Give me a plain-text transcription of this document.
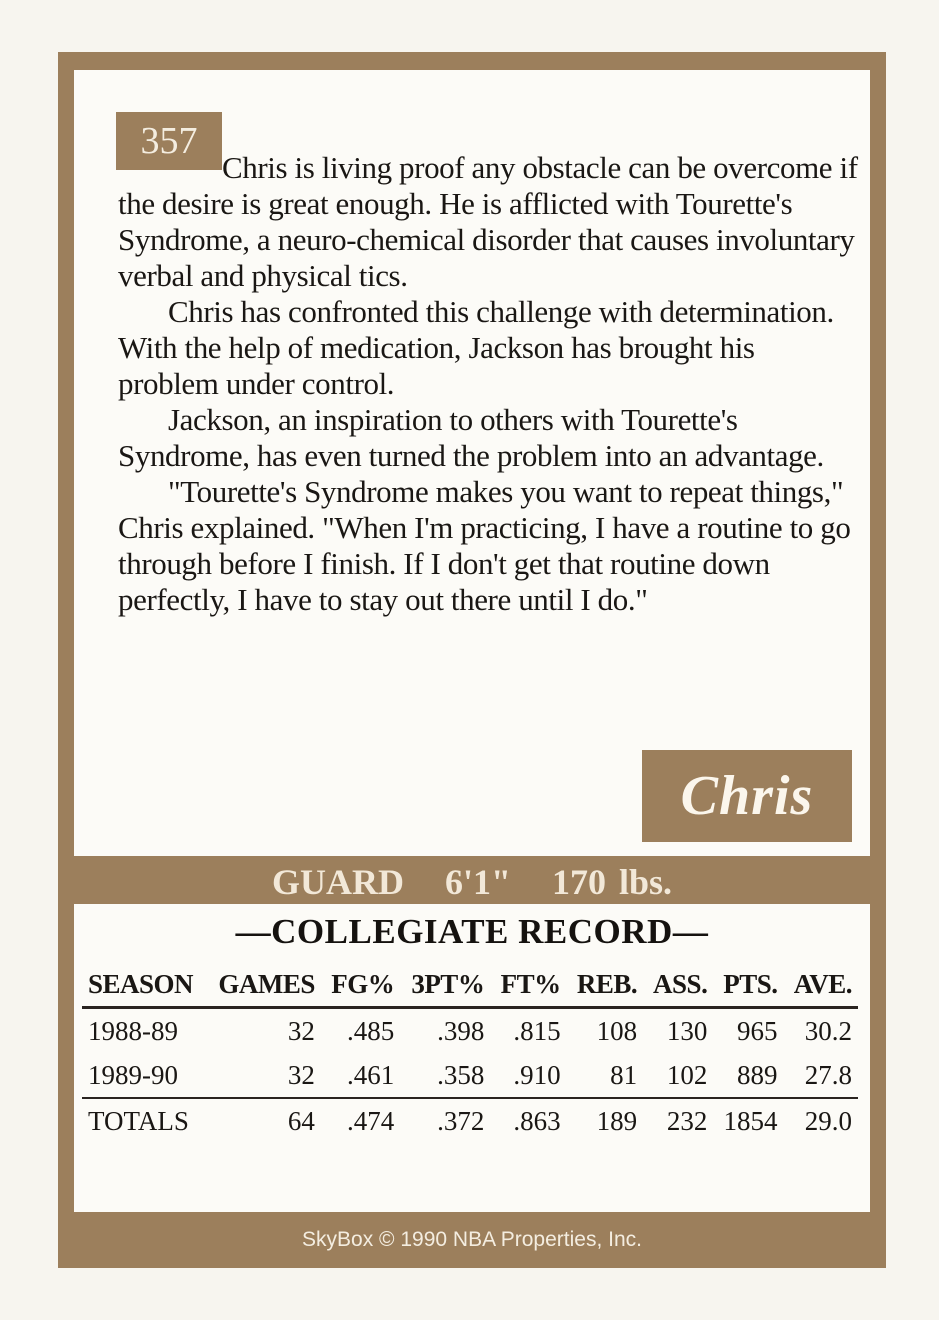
357

Chris is living proof any obstacle can be overcome if the desire is great enough. He is afflicted with Tourette's Syndrome, a neuro-chemical disorder that causes involuntary verbal and physical tics.

Chris has confronted this challenge with determination. With the help of medication, Jackson has brought his problem under control.

Jackson, an inspiration to others with Tourette's Syndrome, has even turned the problem into an advantage.

"Tourette's Syndrome makes you want to repeat things," Chris explained. "When I'm practicing, I have a routine to go through before I finish. If I don't get that routine down perfectly, I have to stay out there until I do."

Chris
GUARD 6'1" 170 lbs.
—COLLEGIATE RECORD—
SEASON	GAMES	FG%	3PT%	FT%	REB.	ASS.	PTS.	AVE.
1988-89	32	.485	.398	.815	108	130	965	30.2
1989-90	32	.461	.358	.910	81	102	889	27.8
TOTALS	64	.474	.372	.863	189	232	1854	29.0
SkyBox © 1990 NBA Properties, Inc.
